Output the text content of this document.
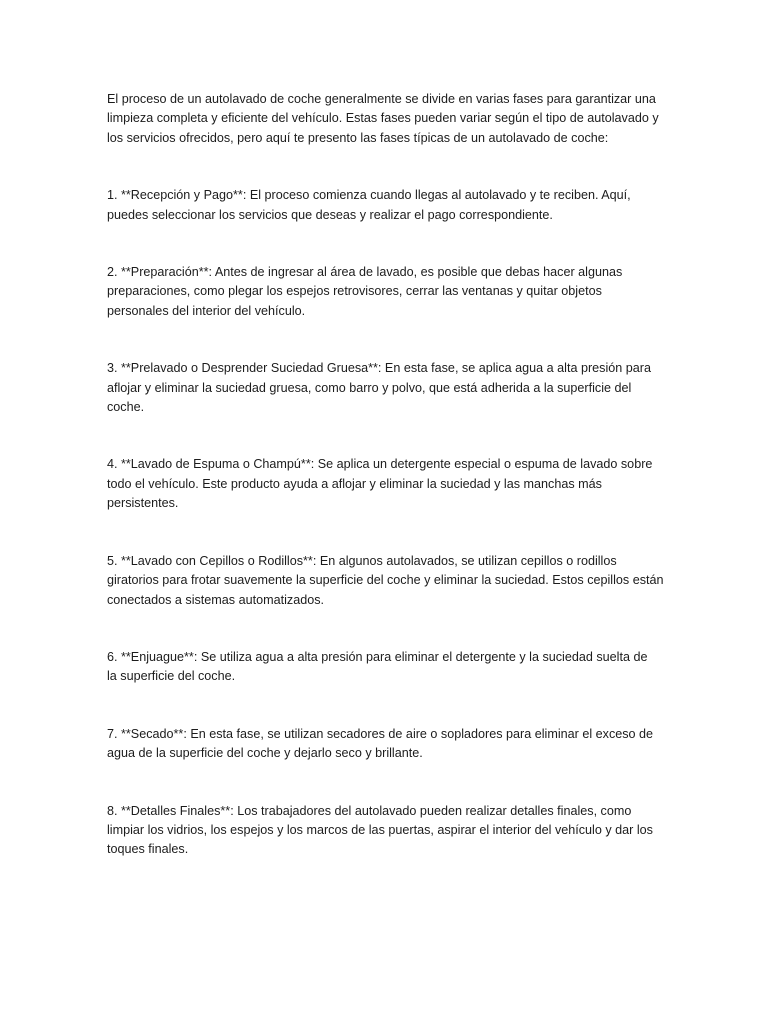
El proceso de un autolavado de coche generalmente se divide en varias fases para garantizar una
limpieza completa y eficiente del vehículo. Estas fases pueden variar según el tipo de autolavado y
los servicios ofrecidos, pero aquí te presento las fases típicas de un autolavado de coche:

1. **Recepción y Pago**: El proceso comienza cuando llegas al autolavado y te reciben. Aquí,
puedes seleccionar los servicios que deseas y realizar el pago correspondiente.

2. **Preparación**: Antes de ingresar al área de lavado, es posible que debas hacer algunas
preparaciones, como plegar los espejos retrovisores, cerrar las ventanas y quitar objetos
personales del interior del vehículo.

3. **Prelavado o Desprender Suciedad Gruesa**: En esta fase, se aplica agua a alta presión para
aflojar y eliminar la suciedad gruesa, como barro y polvo, que está adherida a la superficie del
coche.

4. **Lavado de Espuma o Champú**: Se aplica un detergente especial o espuma de lavado sobre
todo el vehículo. Este producto ayuda a aflojar y eliminar la suciedad y las manchas más
persistentes.

5. **Lavado con Cepillos o Rodillos**: En algunos autolavados, se utilizan cepillos o rodillos
giratorios para frotar suavemente la superficie del coche y eliminar la suciedad. Estos cepillos están
conectados a sistemas automatizados.

6. **Enjuague**: Se utiliza agua a alta presión para eliminar el detergente y la suciedad suelta de
la superficie del coche.

7. **Secado**: En esta fase, se utilizan secadores de aire o sopladores para eliminar el exceso de
agua de la superficie del coche y dejarlo seco y brillante.

8. **Detalles Finales**: Los trabajadores del autolavado pueden realizar detalles finales, como
limpiar los vidrios, los espejos y los marcos de las puertas, aspirar el interior del vehículo y dar los
toques finales.
